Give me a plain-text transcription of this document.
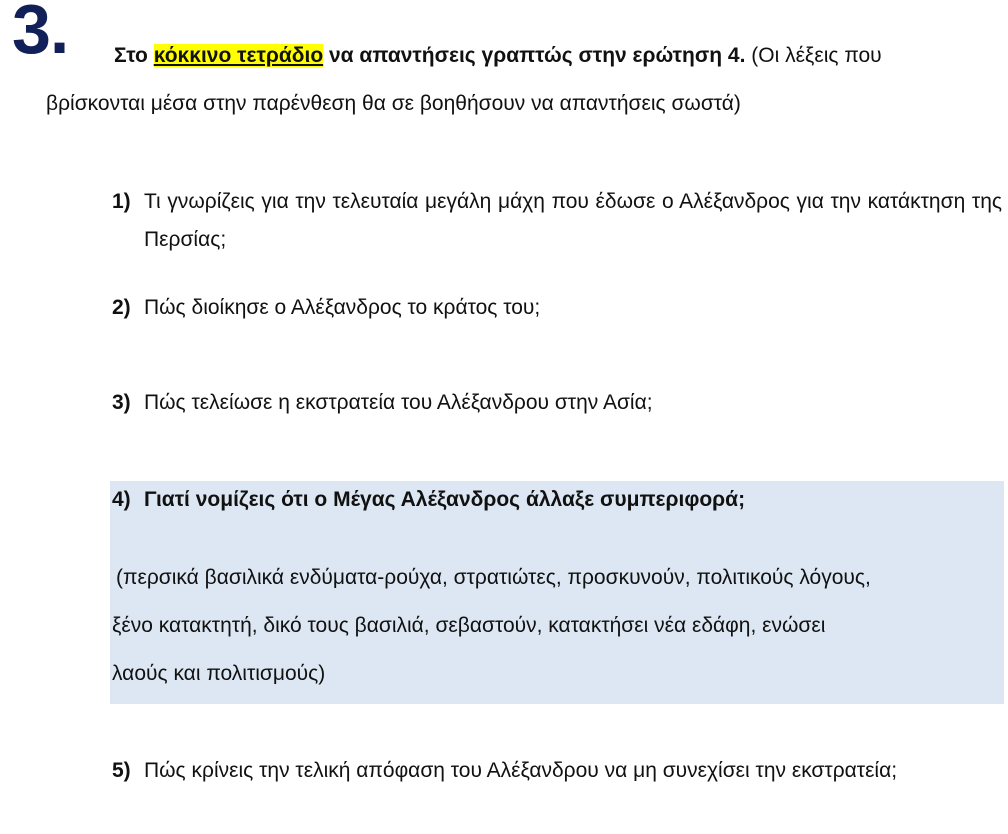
3.	Στο κόκκινο τετράδιο να απαντήσεις γραπτώς στην ερώτηση 4. (Οι λέξεις που
βρίσκονται μέσα στην παρένθεση θα σε βοηθήσουν να απαντήσεις σωστά)
1) Τι γνωρίζεις για την τελευταία μεγάλη μάχη που έδωσε ο Αλέξανδρος για την κατάκτηση της Περσίας;
2) Πώς διοίκησε ο Αλέξανδρος το κράτος του;
3) Πώς τελείωσε η εκστρατεία του Αλέξανδρου στην Ασία;
4) Γιατί νομίζεις ότι ο Μέγας Αλέξανδρος άλλαξε συμπεριφορά;
(περσικά βασιλικά ενδύματα-ρούχα, στρατιώτες, προσκυνούν, πολιτικούς λόγους,
ξένο κατακτητή, δικό τους βασιλιά, σεβαστούν, κατακτήσει νέα εδάφη, ενώσει
λαούς και πολιτισμούς)
5) Πώς κρίνεις την τελική απόφαση του Αλέξανδρου να μη συνεχίσει την εκστρατεία;
